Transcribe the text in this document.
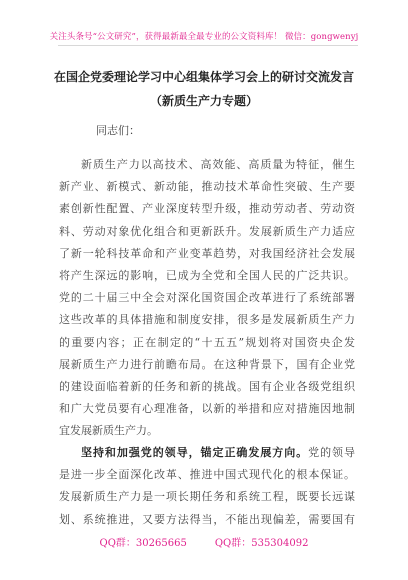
关注头条号“公文研究”，获得最新最全最专业的公文资料库！ 微信：gongwenyj
在国企党委理论学习中心组集体学习会上的研讨交流发言
（新质生产力专题）
同志们：
新质生产力以高技术、高效能、高质量为特征，催生
新产业、新模式、新动能，推动技术革命性突破、生产要
素创新性配置、产业深度转型升级，推动劳动者、劳动资
料、劳动对象优化组合和更新跃升。发展新质生产力适应
了新一轮科技革命和产业变革趋势，对我国经济社会发展
将产生深远的影响，已成为全党和全国人民的广泛共识。
党的二十届三中全会对深化国资国企改革进行了系统部署
这些改革的具体措施和制度安排，很多是发展新质生产力
的重要内容；正在制定的“十五五”规划将对国资央企发
展新质生产力进行前瞻布局。在这种背景下，国有企业党
的建设面临着新的任务和新的挑战。国有企业各级党组织
和广大党员要有心理准备，以新的举措和应对措施因地制
宜发展新质生产力。
坚持和加强党的领导，锚定正确发展方向。党的领导
是进一步全面深化改革、推进中国式现代化的根本保证。
发展新质生产力是一项长期任务和系统工程，既要长远谋
划、系统推进，又要方法得当，不能出现偏差，需要国有
QQ群：30265665	QQ群：535304092
